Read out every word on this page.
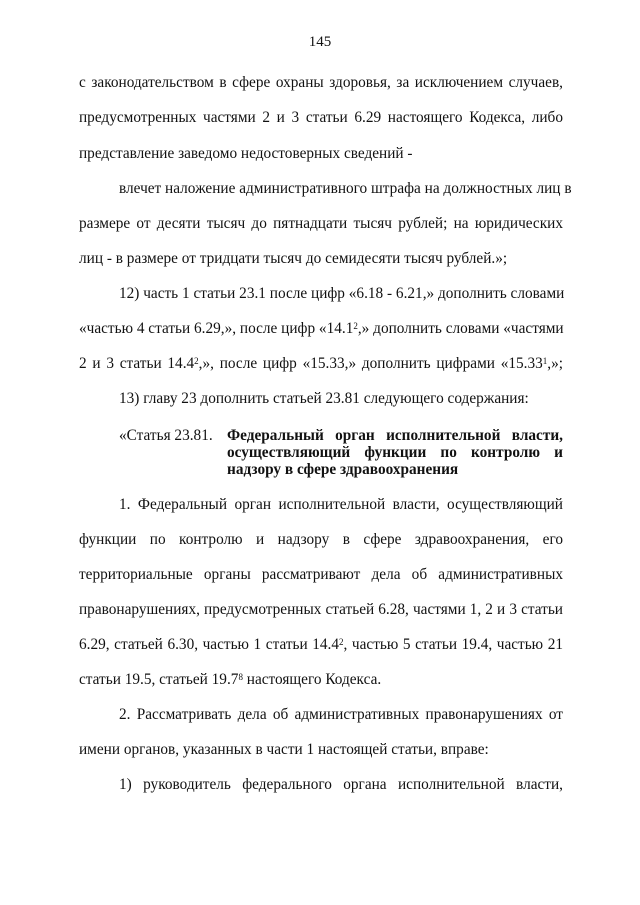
145
с законодательством в сфере охраны здоровья, за исключением случаев,
предусмотренных частями 2 и 3 статьи 6.29 настоящего Кодекса, либо
представление заведомо недостоверных сведений -
влечет наложение административного штрафа на должностных лиц в
размере от десяти тысяч до пятнадцати тысяч рублей; на юридических
лиц - в размере от тридцати тысяч до семидесяти тысяч рублей.»;
12) часть 1 статьи 23.1 после цифр «6.18 - 6.21,» дополнить словами
«частью 4 статьи 6.29,», после цифр «14.1$^2$,» дополнить словами «частями
2 и 3 статьи 14.4$^2$,», после цифр «15.33,» дополнить цифрами «15.33$^1$,»;
13) главу 23 дополнить статьей 23.81 следующего содержания:
«Статья 23.81. Федеральный орган исполнительной власти,
осуществляющий функции по контролю и
надзору в сфере здравоохранения
1. Федеральный орган исполнительной власти, осуществляющий
функции по контролю и надзору в сфере здравоохранения, его
территориальные органы рассматривают дела об административных
правонарушениях, предусмотренных статьей 6.28, частями 1, 2 и 3 статьи
6.29, статьей 6.30, частью 1 статьи 14.4$^2$, частью 5 статьи 19.4, частью 21
статьи 19.5, статьей 19.7$^8$ настоящего Кодекса.
2. Рассматривать дела об административных правонарушениях от
имени органов, указанных в части 1 настоящей статьи, вправе:
1) руководитель федерального органа исполнительной власти,
